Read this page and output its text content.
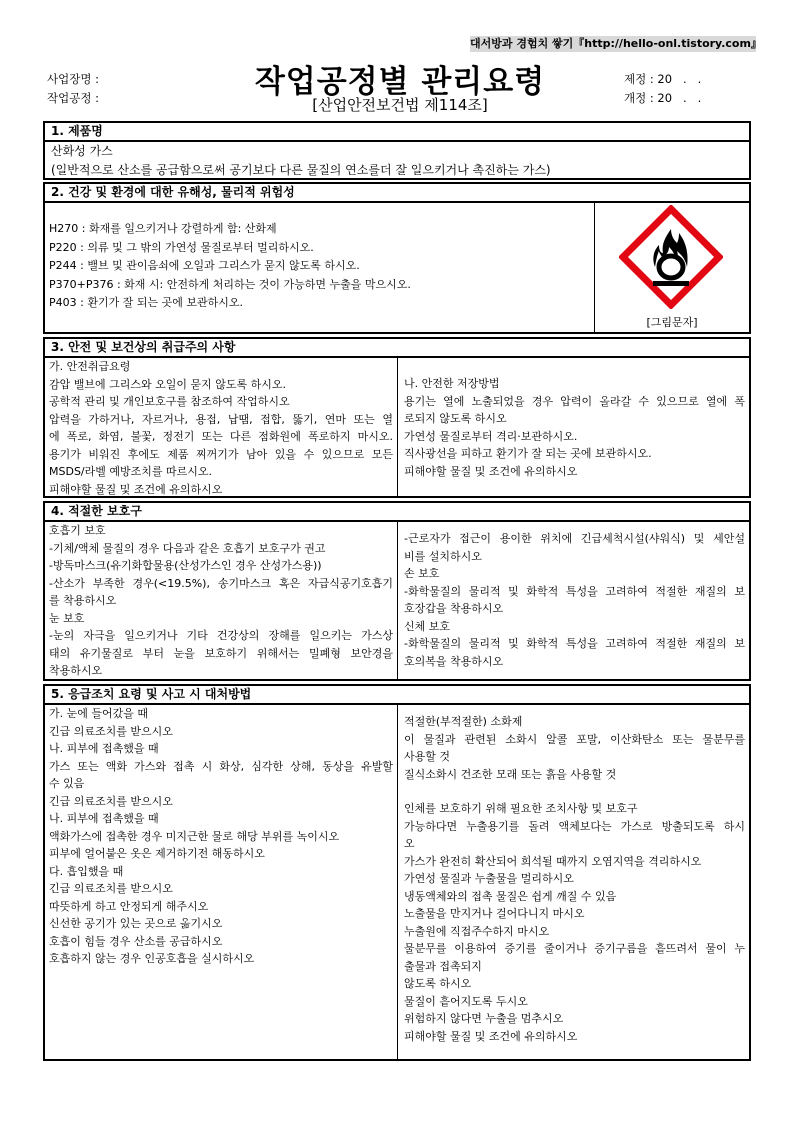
대서방과 경험치 쌓기『http://hello-onl.tistory.com』
사업장명 :
작업공정 :	작업공정별 관리요령
[산업안전보건법 제114조]
제정 : 20   .   .
개정 : 20   .   .
1. 제품명
산화성 가스
(일반적으로 산소를 공급함으로써 공기보다 다른 물질의 연소를더 잘 일으키거나 촉진하는 가스)
2. 건강 및 환경에 대한 유해성, 물리적 위험성
H270 : 화재를 일으키거나 강렬하게 함: 산화제
P220 : 의류 및 그 밖의 가연성 물질로부터 멀리하시오.
P244 : 밸브 및 관이음쇠에 오일과 그리스가 묻지 않도록 하시오.
P370+P376 : 화재 시: 안전하게 처리하는 것이 가능하면 누출을 막으시오.
P403 : 환기가 잘 되는 곳에 보관하시오.
[그림문자]
3. 안전 및 보건상의 취급주의 사항
가. 안전취급요령
감압 밸브에 그리스와 오일이 묻지 않도록 하시오.
공학적 관리 및 개인보호구를 참조하여 작업하시오
압력을 가하거나, 자르거나, 용접, 납땜, 접합, 뚫기, 연마 또는 열
에 폭로, 화염, 불꽃, 정전기 또는 다른 점화원에 폭로하지 마시오.
용기가 비워진 후에도 제품 찌꺼기가 남아 있을 수 있으므로 모든
MSDS/라벨 예방조치를 따르시오.
피해야할 물질 및 조건에 유의하시오
나. 안전한 저장방법
용기는 열에 노출되었을 경우 압력이 올라갈 수 있으므로 열에 폭
로되지 않도록 하시오
가연성 물질로부터 격리·보관하시오.
직사광선을 피하고 환기가 잘 되는 곳에 보관하시오.
피해야할 물질 및 조건에 유의하시오
4. 적절한 보호구
호흡기 보호
-기체/액체 물질의 경우 다음과 같은 호흡기 보호구가 권고
-방독마스크(유기화합물용(산성가스인 경우 산성가스용))
-산소가 부족한 경우(<19.5%), 송기마스크 혹은 자급식공기호흡기
를 착용하시오
눈 보호
-눈의 자극을 일으키거나 기타 건강상의 장해를 일으키는 가스상
태의 유기물질로 부터 눈을 보호하기 위해서는 밀폐형 보안경을
착용하시오
-근로자가 접근이 용이한 위치에 긴급세척시설(샤워식) 및 세안설
비를 설치하시오
손 보호
-화학물질의 물리적 및 화학적 특성을 고려하여 적절한 재질의 보
호장갑을 착용하시오
신체 보호
-화학물질의 물리적 및 화학적 특성을 고려하여 적절한 재질의 보
호의복을 착용하시오
5. 응급조치 요령 및 사고 시 대처방법
가. 눈에 들어갔을 때
긴급 의료조치를 받으시오
나. 피부에 접촉했을 때
가스 또는 액화 가스와 접촉 시 화상, 심각한 상해, 동상을 유발할
수 있음
긴급 의료조치를 받으시오
나. 피부에 접촉했을 때
액화가스에 접촉한 경우 미지근한 물로 해당 부위를 녹이시오
피부에 얼어붙은 옷은 제거하기전 해동하시오
다. 흡입했을 때
긴급 의료조치를 받으시오
따뜻하게 하고 안정되게 해주시오
신선한 공기가 있는 곳으로 옮기시오
호흡이 힘들 경우 산소를 공급하시오
호흡하지 않는 경우 인공호흡을 실시하시오
적절한(부적절한) 소화제
이 물질과 관련된 소화시 알콜 포말, 이산화탄소 또는 물분무를
사용할 것
질식소화시 건조한 모래 또는 흙을 사용할 것
인체를 보호하기 위해 필요한 조치사항 및 보호구
가능하다면 누출용기를 돌려 액체보다는 가스로 방출되도록 하시
오
가스가 완전히 확산되어 희석될 때까지 오염지역을 격리하시오
가연성 물질과 누출물을 멀리하시오
냉동액체와의 접촉 물질은 쉽게 깨질 수 있음
노출물을 만지거나 걸어다니지 마시오
누출원에 직접주수하지 마시오
물분무를 이용하여 증기를 줄이거나 증기구름을 흩뜨려서 물이 누
출물과 접촉되지
않도록 하시오
물질이 흩어지도록 두시오
위험하지 않다면 누출을 멈추시오
피해야할 물질 및 조건에 유의하시오
